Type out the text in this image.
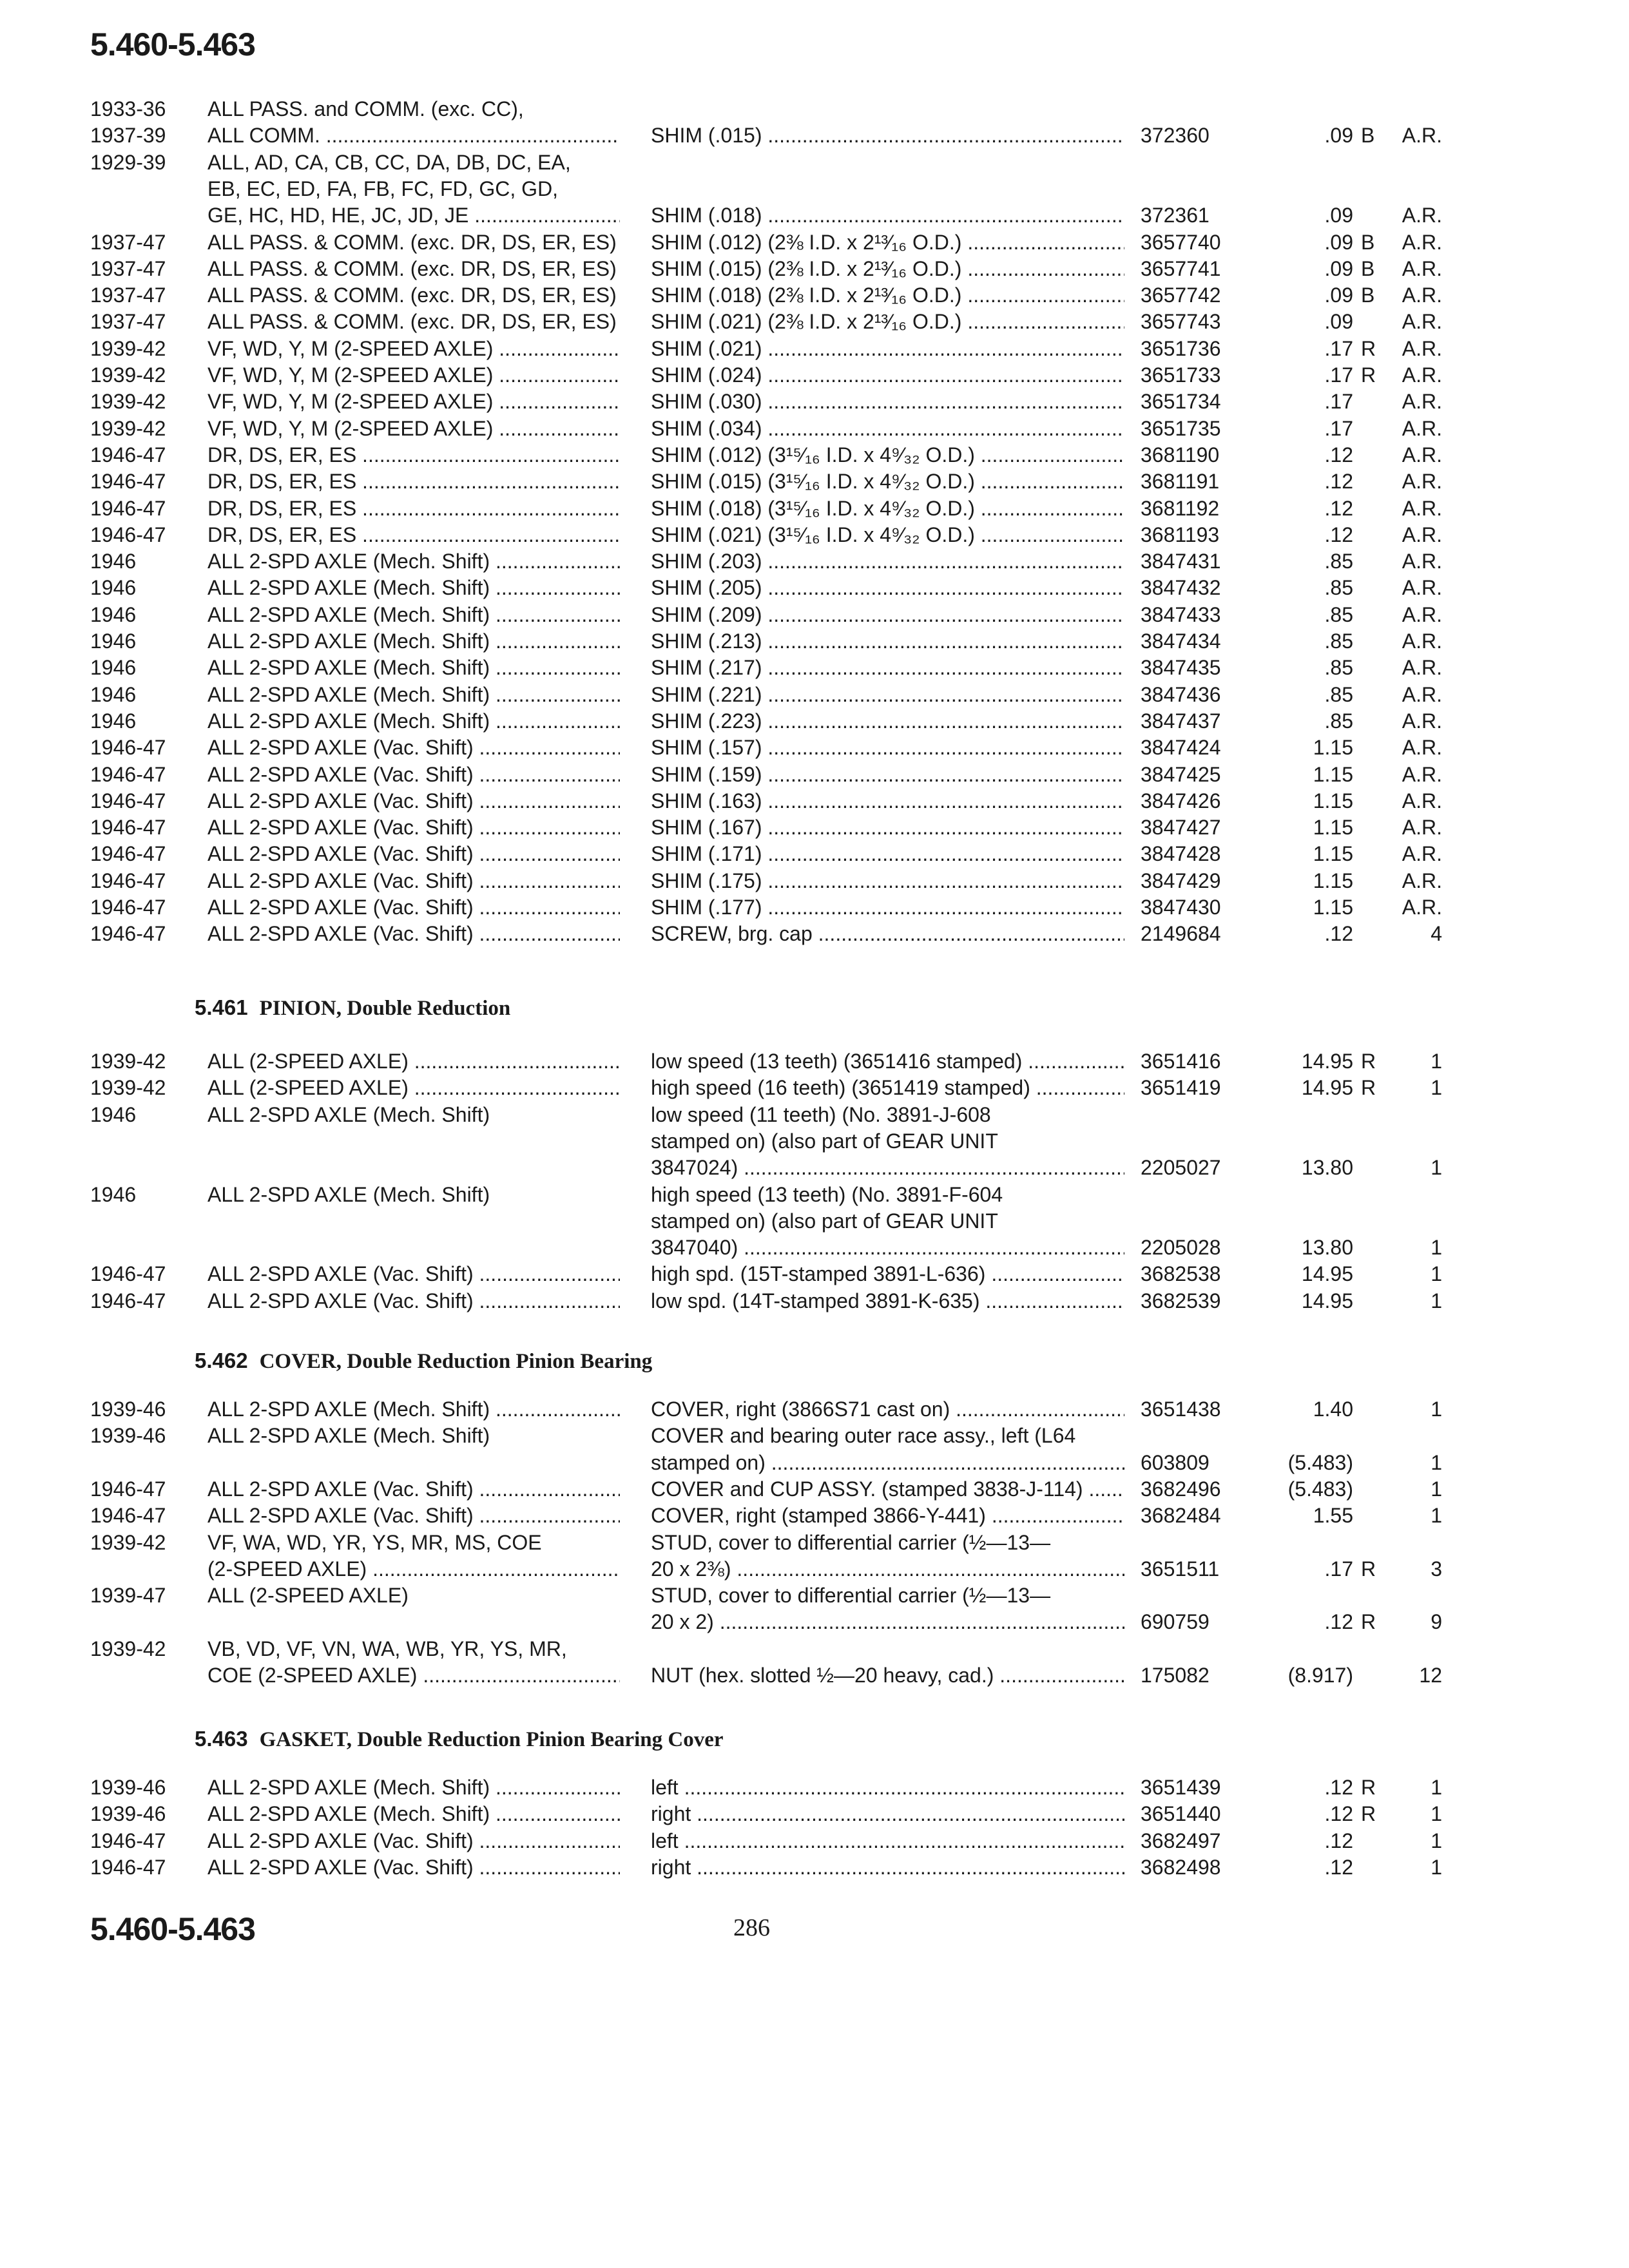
5.460-5.463
1933-36 ALL PASS. and COMM. (exc. CC),
1937-39 ALL COMM. .....	SHIM (.015) .....	372360	.09 B	A.R.
1929-39 ALL, AD, CA, CB, CC, DA, DB, DC, EA,
EB, EC, ED, FA, FB, FC, FD, GC, GD,
GE, HC, HD, HE, JC, JD, JE .....	SHIM (.018) .....	372361	.09	A.R.
1937-47 ALL PASS. & COMM. (exc. DR, DS, ER, ES) ..... SHIM (.012) (2⅜ I.D. x 2¹³⁄₁₆ O.D.) .....	3657740	.09 B	A.R.
1937-47 ALL PASS. & COMM. (exc. DR, DS, ER, ES) ..... SHIM (.015) (2⅜ I.D. x 2¹³⁄₁₆ O.D.) .....	3657741	.09 B	A.R.
1937-47 ALL PASS. & COMM. (exc. DR, DS, ER, ES) ..... SHIM (.018) (2⅜ I.D. x 2¹³⁄₁₆ O.D.) .....	3657742	.09 B	A.R.
1937-47 ALL PASS. & COMM. (exc. DR, DS, ER, ES) ..... SHIM (.021) (2⅜ I.D. x 2¹³⁄₁₆ O.D.) .....	3657743	.09	A.R.
1939-42 VF, WD, Y, M (2-SPEED AXLE) .....	SHIM (.021) .....	3651736	.17 R	A.R.
1939-42 VF, WD, Y, M (2-SPEED AXLE) .....	SHIM (.024) .....	3651733	.17 R	A.R.
1939-42 VF, WD, Y, M (2-SPEED AXLE) .....	SHIM (.030) .....	3651734	.17	A.R.
1939-42 VF, WD, Y, M (2-SPEED AXLE) .....	SHIM (.034) .....	3651735	.17	A.R.
1946-47 DR, DS, ER, ES .....	SHIM (.012) (3¹⁵⁄₁₆ I.D. x 4⁹⁄₃₂ O.D.) .....	3681190	.12	A.R.
1946-47 DR, DS, ER, ES .....	SHIM (.015) (3¹⁵⁄₁₆ I.D. x 4⁹⁄₃₂ O.D.) .....	3681191	.12	A.R.
1946-47 DR, DS, ER, ES .....	SHIM (.018) (3¹⁵⁄₁₆ I.D. x 4⁹⁄₃₂ O.D.) .....	3681192	.12	A.R.
1946-47 DR, DS, ER, ES .....	SHIM (.021) (3¹⁵⁄₁₆ I.D. x 4⁹⁄₃₂ O.D.) .....	3681193	.12	A.R.
1946	ALL 2-SPD AXLE (Mech. Shift) .....	SHIM (.203) .....	3847431	.85	A.R.
1946	ALL 2-SPD AXLE (Mech. Shift) .....	SHIM (.205) .....	3847432	.85	A.R.
1946	ALL 2-SPD AXLE (Mech. Shift) .....	SHIM (.209) .....	3847433	.85	A.R.
1946	ALL 2-SPD AXLE (Mech. Shift) .....	SHIM (.213) .....	3847434	.85	A.R.
1946	ALL 2-SPD AXLE (Mech. Shift) .....	SHIM (.217) .....	3847435	.85	A.R.
1946	ALL 2-SPD AXLE (Mech. Shift) .....	SHIM (.221) .....	3847436	.85	A.R.
1946	ALL 2-SPD AXLE (Mech. Shift) .....	SHIM (.223) .....	3847437	.85	A.R.
1946-47 ALL 2-SPD AXLE (Vac. Shift) .....	SHIM (.157) .....	3847424	1.15	A.R.
1946-47 ALL 2-SPD AXLE (Vac. Shift) .....	SHIM (.159) .....	3847425	1.15	A.R.
1946-47 ALL 2-SPD AXLE (Vac. Shift) .....	SHIM (.163) .....	3847426	1.15	A.R.
1946-47 ALL 2-SPD AXLE (Vac. Shift) .....	SHIM (.167) .....	3847427	1.15	A.R.
1946-47 ALL 2-SPD AXLE (Vac. Shift) .....	SHIM (.171) .....	3847428	1.15	A.R.
1946-47 ALL 2-SPD AXLE (Vac. Shift) .....	SHIM (.175) .....	3847429	1.15	A.R.
1946-47 ALL 2-SPD AXLE (Vac. Shift) .....	SHIM (.177) .....	3847430	1.15	A.R.
1946-47 ALL 2-SPD AXLE (Vac. Shift) .....	SCREW, brg. cap .....	2149684	.12	4
5.461 PINION, Double Reduction
1939-42 ALL (2-SPEED AXLE) .....	low speed (13 teeth) (3651416 stamped) .....	3651416	14.95 R	1
1939-42 ALL (2-SPEED AXLE) .....	high speed (16 teeth) (3651419 stamped) .....	3651419	14.95 R	1
1946	ALL 2-SPD AXLE (Mech. Shift)	low speed (11 teeth) (No. 3891-J-608
stamped on) (also part of GEAR UNIT
3847024) .....	2205027	13.80	1
1946	ALL 2-SPD AXLE (Mech. Shift)	high speed (13 teeth) (No. 3891-F-604
stamped on) (also part of GEAR UNIT
3847040) .....	2205028	13.80	1
1946-47 ALL 2-SPD AXLE (Vac. Shift) .....	high spd. (15T-stamped 3891-L-636) .....	3682538	14.95	1
1946-47 ALL 2-SPD AXLE (Vac. Shift) .....	low spd. (14T-stamped 3891-K-635) .....	3682539	14.95	1
5.462 COVER, Double Reduction Pinion Bearing
1939-46 ALL 2-SPD AXLE (Mech. Shift) .....	COVER, right (3866S71 cast on) .....	3651438	1.40	1
1939-46 ALL 2-SPD AXLE (Mech. Shift)	COVER and bearing outer race assy., left (L64
stamped on) .....	603809	(5.483)	1
1946-47 ALL 2-SPD AXLE (Vac. Shift) .....	COVER and CUP ASSY. (stamped 3838-J-114) .....	3682496	(5.483)	1
1946-47 ALL 2-SPD AXLE (Vac. Shift) .....	COVER, right (stamped 3866-Y-441) .....	3682484	1.55	1
1939-42 VF, WA, WD, YR, YS, MR, MS, COE	STUD, cover to differential carrier (½—13—
(2-SPEED AXLE) .....	20 x 2⅜) .....	3651511	.17 R	3
1939-47 ALL (2-SPEED AXLE)	STUD, cover to differential carrier (½—13—
20 x 2) .....	690759	.12 R	9
1939-42 VB, VD, VF, VN, WA, WB, YR, YS, MR,
COE (2-SPEED AXLE) .....	NUT (hex. slotted ½—20 heavy, cad.) .....	175082	(8.917)	12
5.463 GASKET, Double Reduction Pinion Bearing Cover
1939-46 ALL 2-SPD AXLE (Mech. Shift) .....	left .....	3651439	.12 R	1
1939-46 ALL 2-SPD AXLE (Mech. Shift) .....	right .....	3651440	.12 R	1
1946-47 ALL 2-SPD AXLE (Vac. Shift) .....	left .....	3682497	.12	1
1946-47 ALL 2-SPD AXLE (Vac. Shift) .....	right .....	3682498	.12	1
5.460-5.463	286
